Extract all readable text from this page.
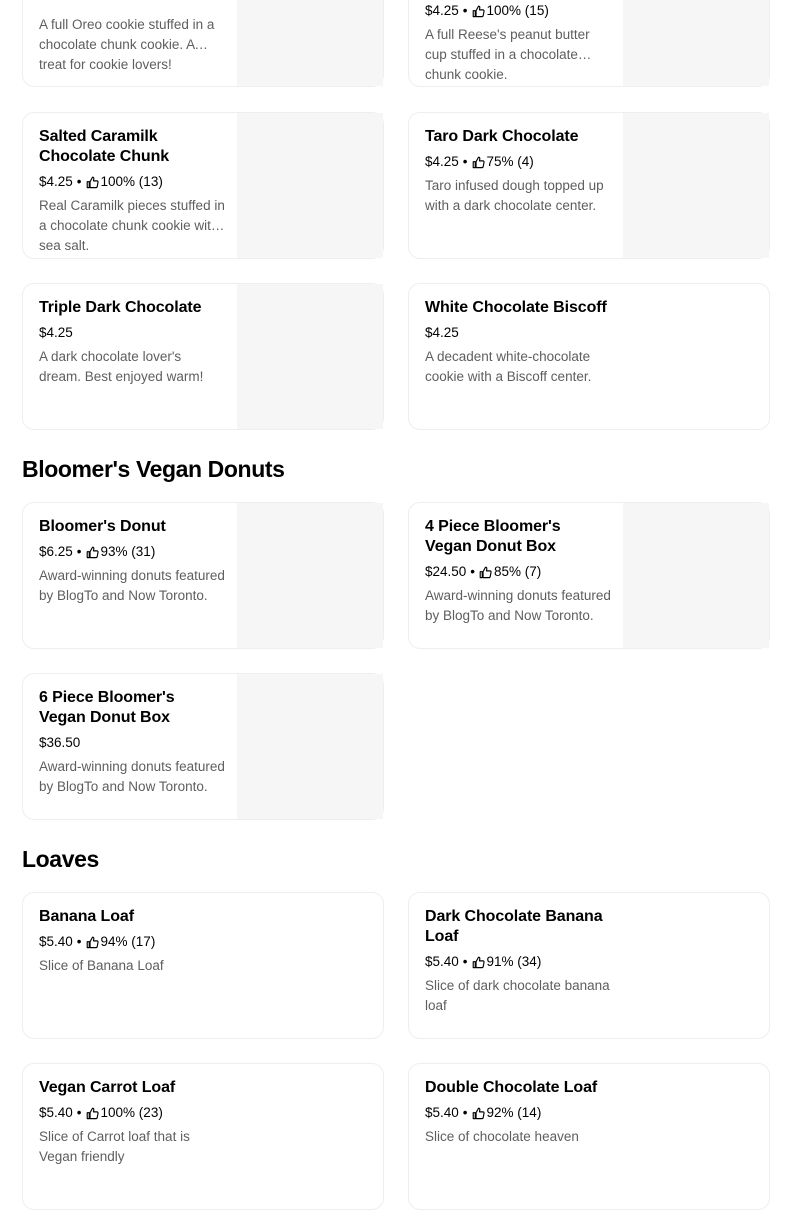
A full Oreo cookie stuffed in a chocolate chunk cookie. A treat for cookie lovers!
$4.25 • 100% (15)
A full Reese's peanut butter cup stuffed in a chocolate chunk cookie.
Salted Caramilk Chocolate Chunk
$4.25 • 100% (13)
Real Caramilk pieces stuffed in a chocolate chunk cookie with sea salt.
Taro Dark Chocolate
$4.25 • 75% (4)
Taro infused dough topped up with a dark chocolate center.
Triple Dark Chocolate
$4.25
A dark chocolate lover's dream. Best enjoyed warm!
White Chocolate Biscoff
$4.25
A decadent white-chocolate cookie with a Biscoff center.
Bloomer's Vegan Donuts
Bloomer's Donut
$6.25 • 93% (31)
Award-winning donuts featured by BlogTo and Now Toronto.
4 Piece Bloomer's Vegan Donut Box
$24.50 • 85% (7)
Award-winning donuts featured by BlogTo and Now Toronto.
6 Piece Bloomer's Vegan Donut Box
$36.50
Award-winning donuts featured by BlogTo and Now Toronto.
Loaves
Banana Loaf
$5.40 • 94% (17)
Slice of Banana Loaf
Dark Chocolate Banana Loaf
$5.40 • 91% (34)
Slice of dark chocolate banana loaf
Vegan Carrot Loaf
$5.40 • 100% (23)
Slice of Carrot loaf that is Vegan friendly
Double Chocolate Loaf
$5.40 • 92% (14)
Slice of chocolate heaven
